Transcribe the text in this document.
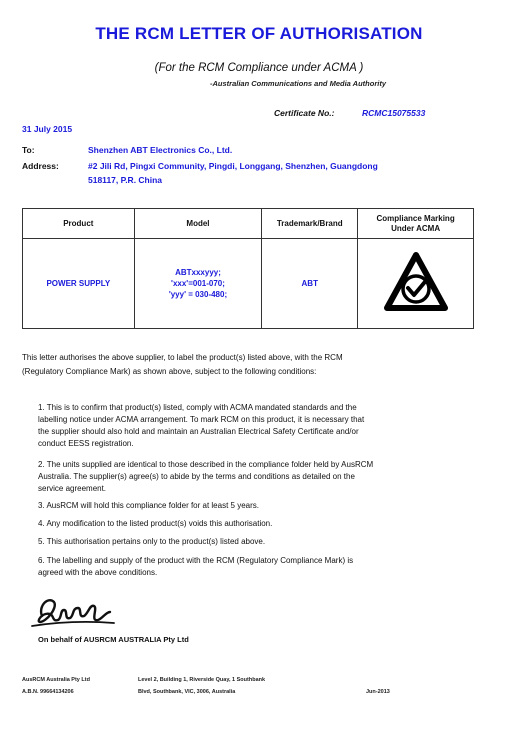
THE RCM LETTER OF AUTHORISATION
(For the RCM Compliance under ACMA )
-Australian Communications and Media Authority
Certificate No.:	RCMC15075533
31 July 2015
To:	Shenzhen ABT Electronics Co., Ltd.
Address:	#2 Jili Rd, Pingxi Community, Pingdi, Longgang, Shenzhen, Guangdong
518117, P.R. China
Product	Model	Trademark/Brand	Compliance Marking
Under ACMA
POWER SUPPLY	ABTxxxyyy;
'xxx'=001-070;
'yyy' = 030-480;	ABT	
This letter authorises the above supplier, to label the product(s) listed above, with the RCM
(Regulatory Compliance Mark) as shown above, subject to the following conditions:
1. This is to confirm that product(s) listed, comply with ACMA mandated standards and the
labelling notice under ACMA arrangement. To mark RCM on this product, it is necessary that
the supplier should also hold and maintain an Australian Electrical Safety Certificate and/or
conduct EESS registration.
2. The units supplied are identical to those described in the compliance folder held by AusRCM
Australia. The supplier(s) agree(s) to abide by the terms and conditions as detailed on the
service agreement.
3. AusRCM will hold this compliance folder for at least 5 years.
4. Any modification to the listed product(s) voids this authorisation.
5. This authorisation pertains only to the product(s) listed above.
6. The labelling and supply of the product with the RCM (Regulatory Compliance Mark) is
agreed with the above conditions.
On behalf of AUSRCM AUSTRALIA Pty Ltd
AusRCM Australia Pty Ltd
A.B.N. 99664134206
Level 2, Building 1, Riverside Quay, 1 Southbank
Blvd, Southbank, VIC, 3006, Australia	Jun-2013
